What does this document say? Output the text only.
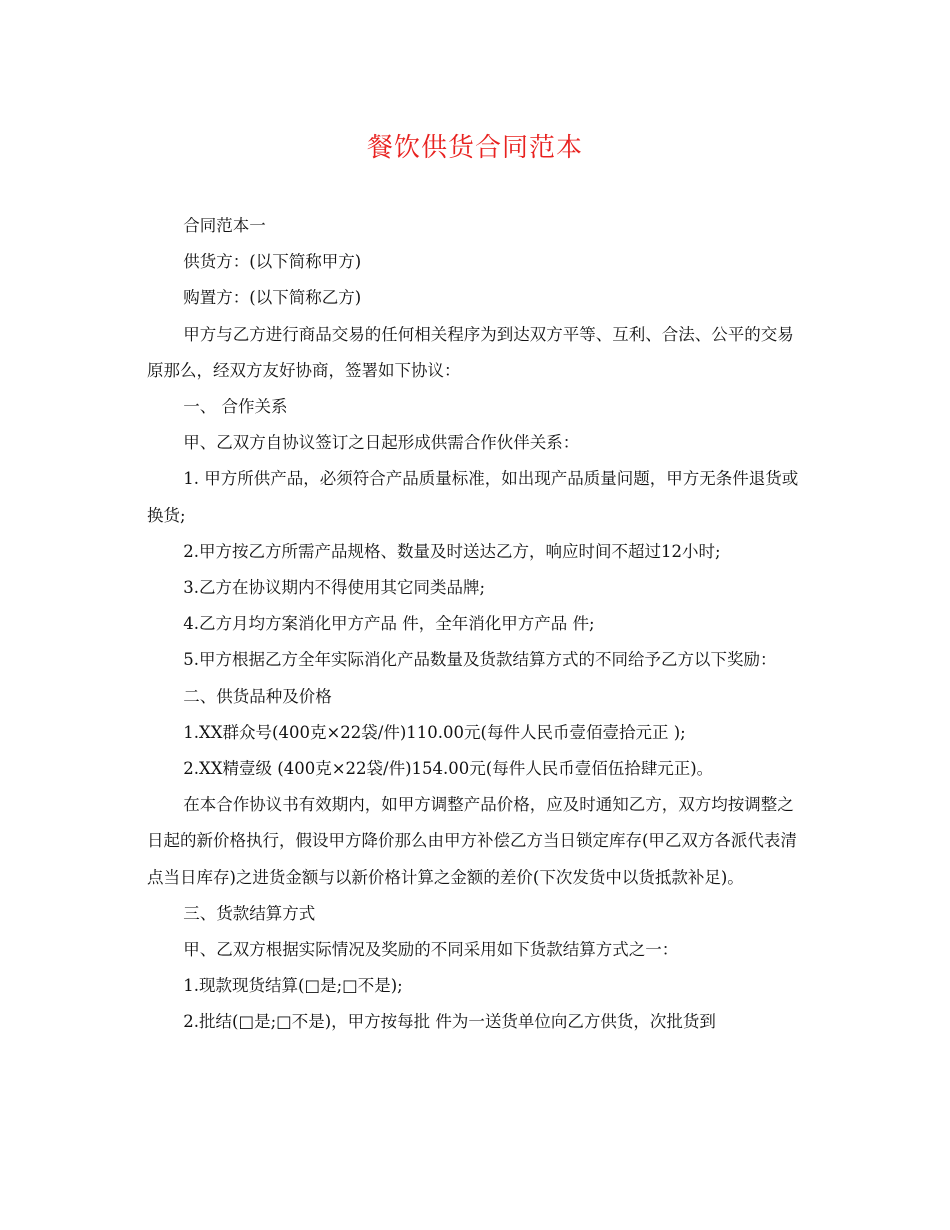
餐饮供货合同范本

合同范本一

供货方：(以下简称甲方)

购置方：(以下简称乙方)

甲方与乙方进行商品交易的任何相关程序为到达双方平等、互利、合法、公平的交易原那么，经双方友好协商，签署如下协议：

一、 合作关系

甲、乙双方自协议签订之日起形成供需合作伙伴关系：

1. 甲方所供产品，必须符合产品质量标准，如出现产品质量问题，甲方无条件退货或换货;

2.甲方按乙方所需产品规格、数量及时送达乙方，响应时间不超过12小时;

3.乙方在协议期内不得使用其它同类品牌;

4.乙方月均方案消化甲方产品 件，全年消化甲方产品 件;

5.甲方根据乙方全年实际消化产品数量及货款结算方式的不同给予乙方以下奖励：

二、供货品种及价格

1.XX群众号(400克×22袋/件)110.00元(每件人民币壹佰壹拾元正 );

2.XX精壹级 (400克×22袋/件)154.00元(每件人民币壹佰伍拾肆元正)。

在本合作协议书有效期内，如甲方调整产品价格，应及时通知乙方，双方均按调整之日起的新价格执行，假设甲方降价那么由甲方补偿乙方当日锁定库存(甲乙双方各派代表清点当日库存)之进货金额与以新价格计算之金额的差价(下次发货中以货抵款补足)。

三、货款结算方式

甲、乙双方根据实际情况及奖励的不同采用如下货款结算方式之一：

1.现款现货结算(□是;□不是);

2.批结(□是;□不是)，甲方按每批 件为一送货单位向乙方供货，次批货到
